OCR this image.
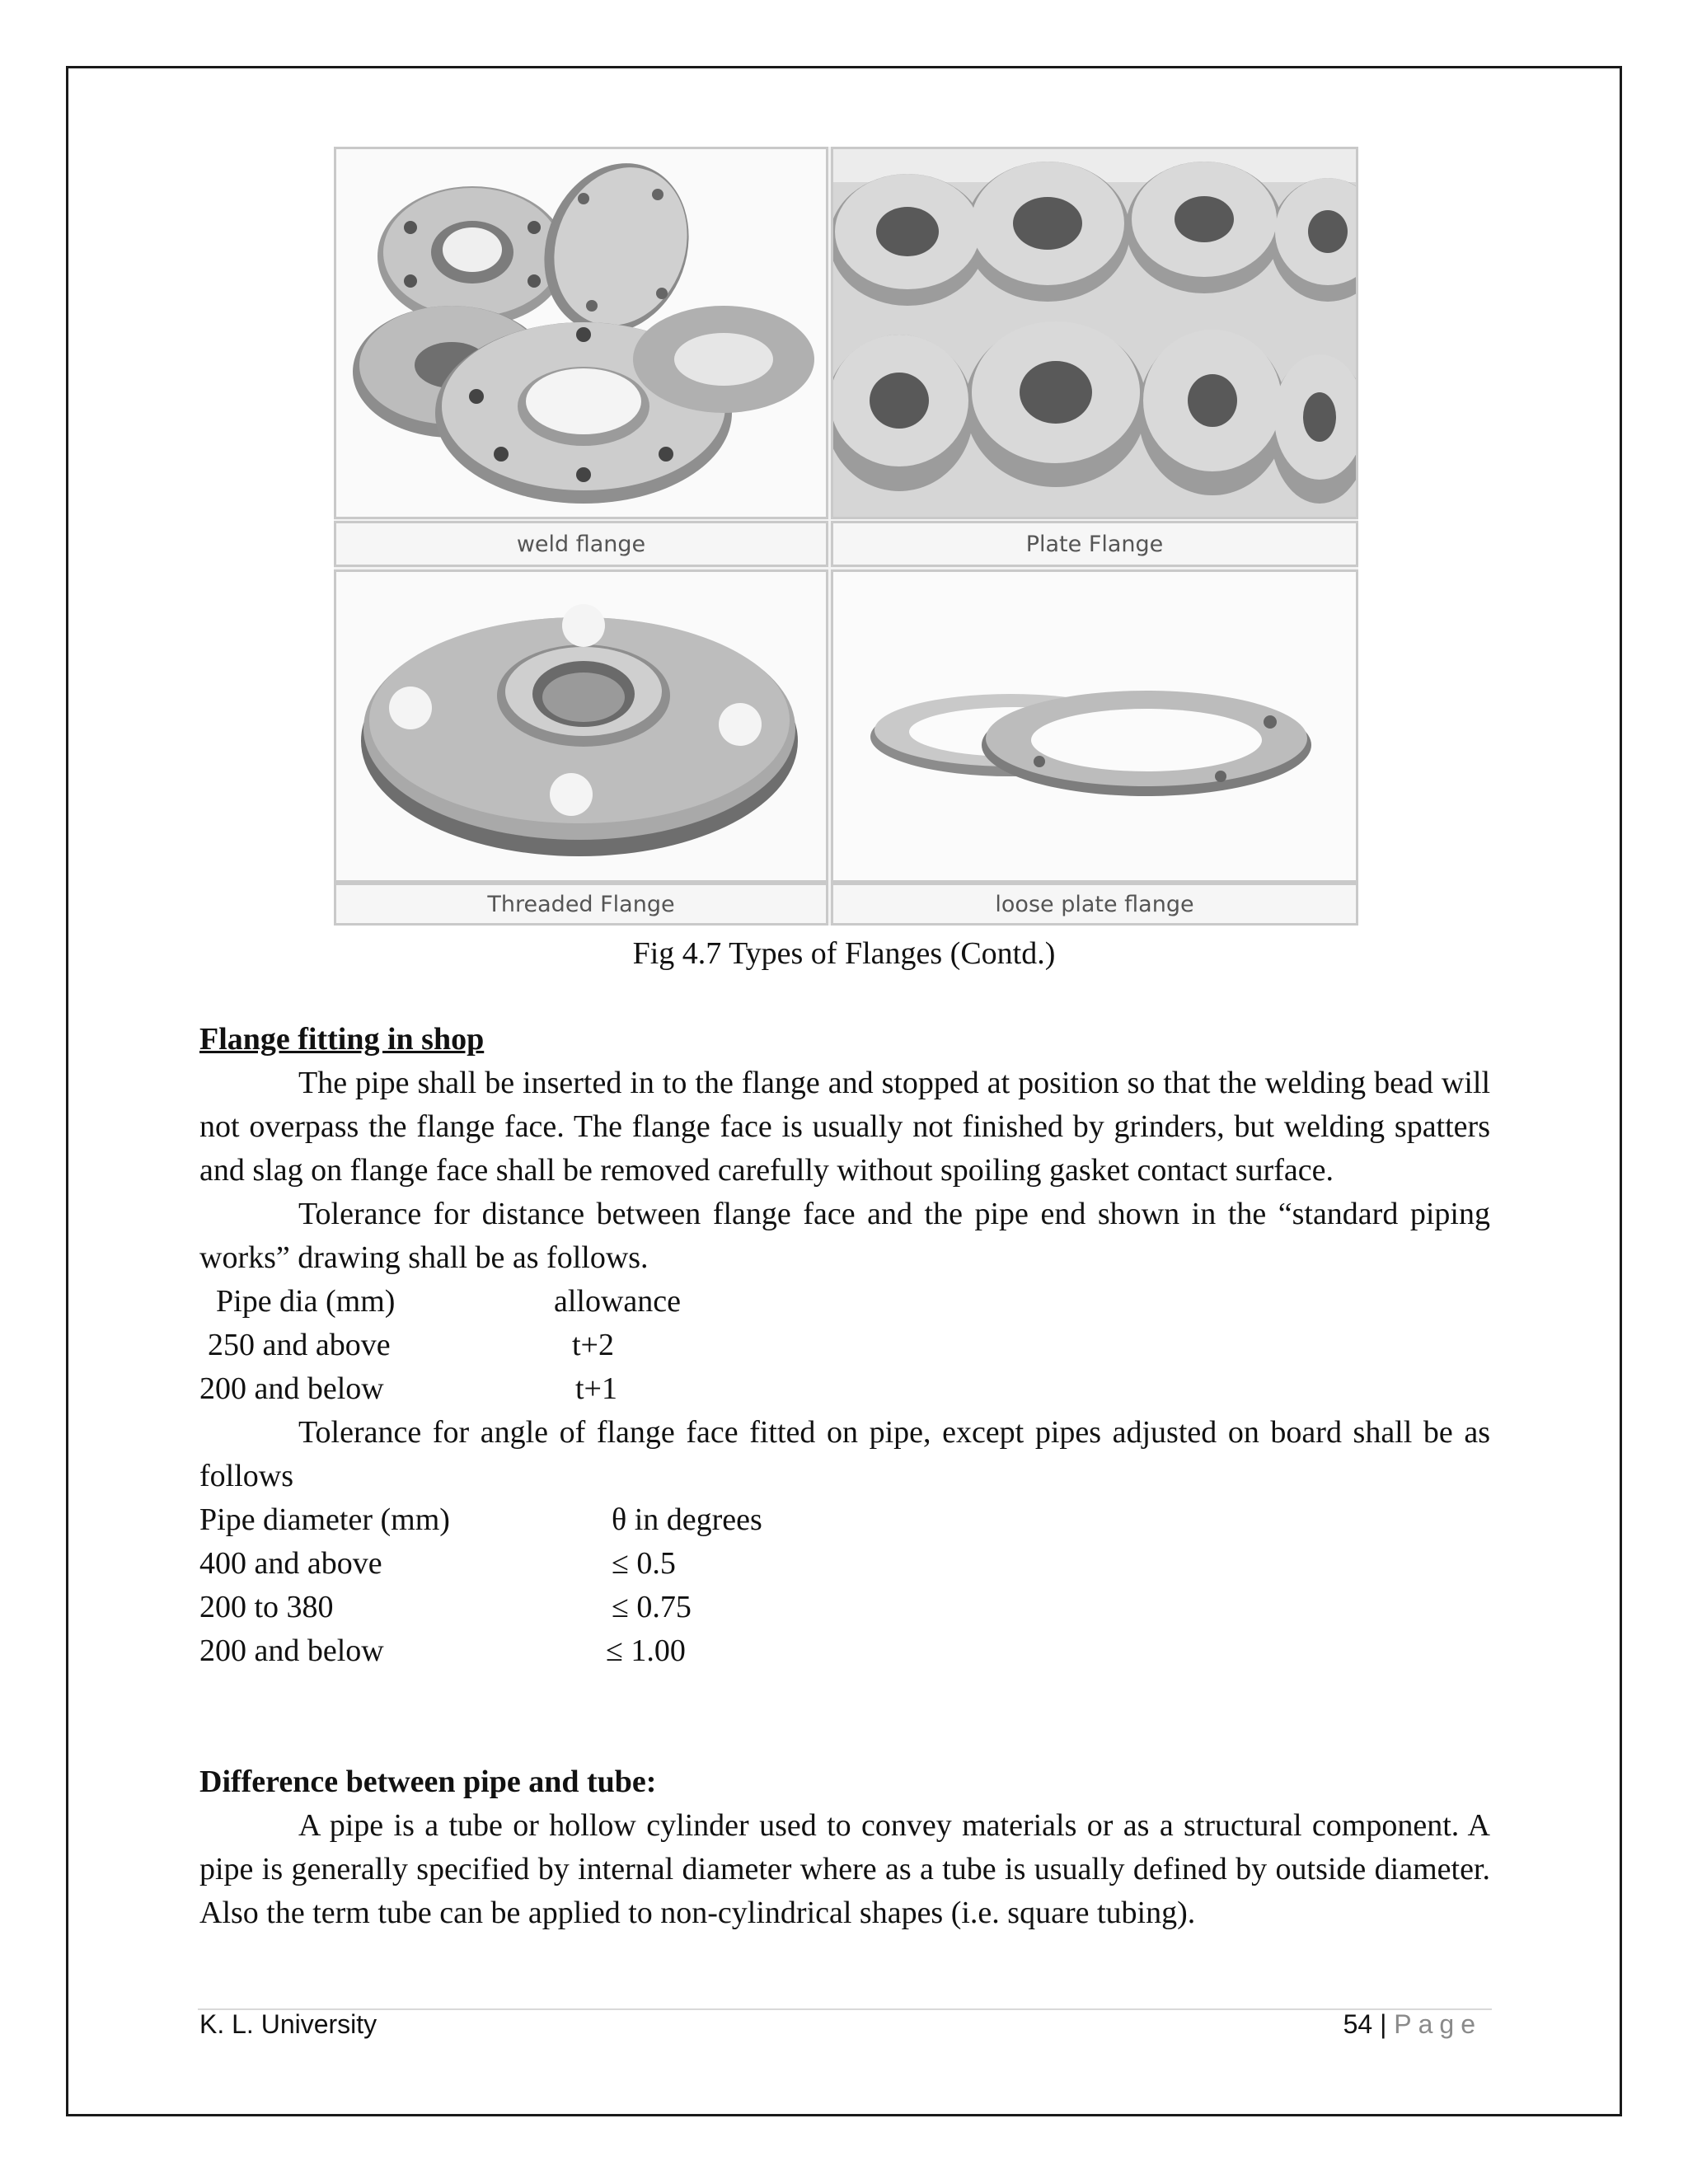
weld flange	Plate Flange
Threaded Flange	loose plate flange
Fig 4.7 Types of Flanges (Contd.)
Flange fitting in shop

The pipe shall be inserted in to the flange and stopped at position so that the welding bead will not overpass the flange face. The flange face is usually not finished by grinders, but welding spatters and slag on flange face shall be removed carefully without spoiling gasket contact surface.

Tolerance for distance between flange face and the pipe end shown in the “standard piping works” drawing shall be as follows.

Pipe dia (mm)	allowance
250 and above	t+2
200 and below	t+1

Tolerance for angle of flange face fitted on pipe, except pipes adjusted on board shall be as follows

Pipe diameter (mm)	θ in degrees
400 and above	≤ 0.5
200 to 380	≤ 0.75
200 and below	≤ 1.00
Difference between pipe and tube:

A pipe is a tube or hollow cylinder used to convey materials or as a structural component. A pipe is generally specified by internal diameter where as a tube is usually defined by outside diameter. Also the term tube can be applied to non-cylindrical shapes (i.e. square tubing).

K. L. University	54 | Page
